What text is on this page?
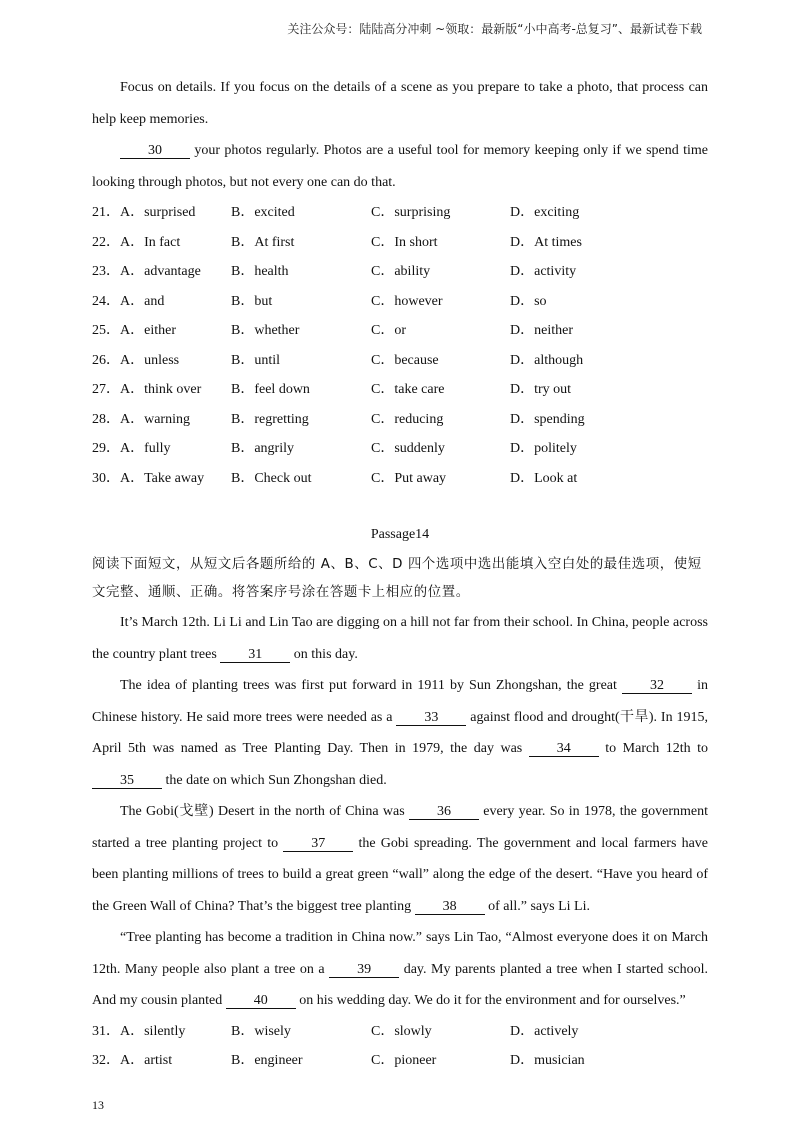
关注公众号：陆陆高分冲刺 ~领取：最新版“小中高考-总复习”、最新试卷下载

Focus on details. If you focus on the details of a scene as you prepare to take a photo, that process can help keep memories.

30 your photos regularly. Photos are a useful tool for memory keeping only if we spend time looking through photos, but not every one can do that.

21．A．surprised	B．excited	C．surprising	D．exciting
22．A．In fact	B．At first	C．In short	D．At times
23．A．advantage B．health	C．ability	D．activity
24．A．and	B．but	C．however	D．so
25．A．either	B．whether	C．or	D．neither
26．A．unless	B．until	C．because	D．although
27．A．think over B．feel down	C．take care	D．try out
28．A．warning	B．regretting	C．reducing	D．spending
29．A．fully	B．angrily	C．suddenly	D．politely
30．A．Take away B．Check out	C．Put away	D．Look at
Passage14

阅读下面短文，从短文后各题所给的 A、B、C、D 四个选项中选出能填入空白处的最佳选项，使短文完整、通顺、正确。将答案序号涂在答题卡上相应的位置。

It’s March 12th. Li Li and Lin Tao are digging on a hill not far from their school. In China, people across the country plant trees 31 on this day.

The idea of planting trees was first put forward in 1911 by Sun Zhongshan, the great 32 in Chinese history. He said more trees were needed as a 33 against flood and drought(干旱). In 1915, April 5th was named as Tree Planting Day. Then in 1979, the day was 34 to March 12th to 35 the date on which Sun Zhongshan died.

The Gobi(戈壁) Desert in the north of China was 36 every year. So in 1978, the government started a tree planting project to 37 the Gobi spreading. The government and local farmers have been planting millions of trees to build a great green “wall” along the edge of the desert. “Have you heard of the Green Wall of China? That’s the biggest tree planting 38 of all.” says Li Li.

“Tree planting has become a tradition in China now.” says Lin Tao, “Almost everyone does it on March 12th. Many people also plant a tree on a 39 day. My parents planted a tree when I started school. And my cousin planted 40 on his wedding day. We do it for the environment and for ourselves.”

31．A．silently	B．wisely	C．slowly	D．actively
32．A．artist	B．engineer	C．pioneer	D．musician
13
